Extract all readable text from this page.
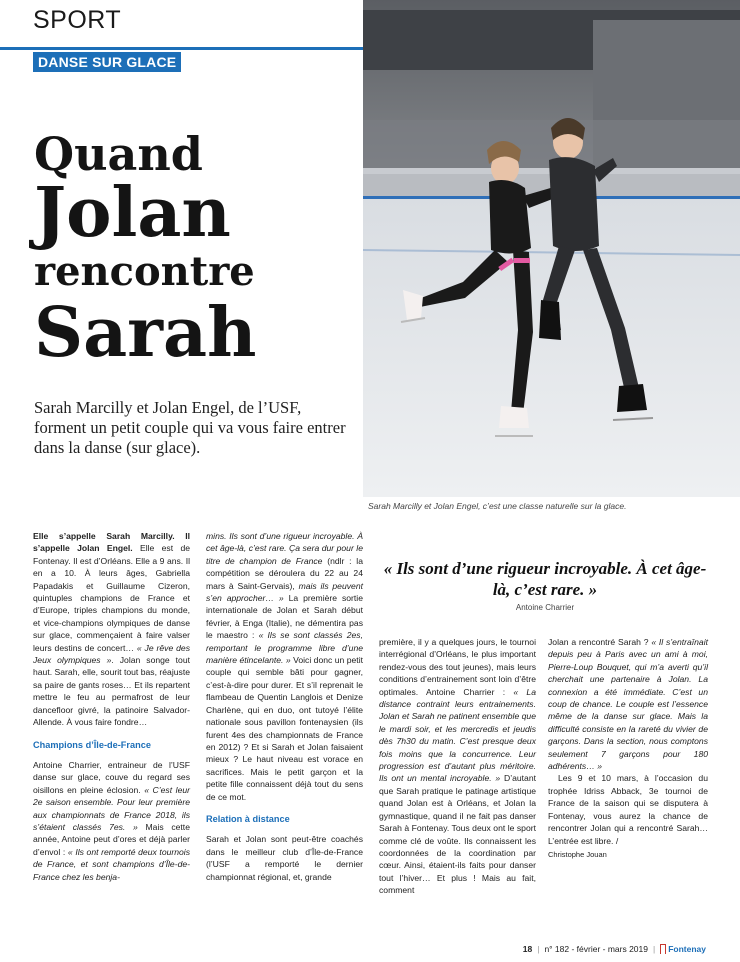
SPORT
DANSE SUR GLACE
Quand
Jolan
rencontre
Sarah

Sarah Marcilly et Jolan Engel, de l’USF, forment un petit couple qui va vous faire entrer dans la danse (sur glace).

Sarah Marcilly et Jolan Engel, c’est une classe naturelle sur la glace.

Elle s’appelle Sarah Marcilly. Il s’appelle Jolan Engel. Elle est de Fontenay. Il est d’Orléans. Elle a 9 ans. Il en a 10. À leurs âges, Gabriella Papadakis et Guillaume Cizeron, quintuples champions de France et d’Europe, triples champions du monde, et vice-champions olympiques de danse sur glace, commençaient à faire valser leurs destins de concert… « Je rêve des Jeux olympiques ». Jolan songe tout haut. Sarah, elle, sourit tout bas, réajuste sa paire de gants roses… Et ils repartent mettre le feu au permafrost de leur dancefloor givré, la patinoire Salvador-Allende. À vous faire fondre…

Champions d’Île-de-France

Antoine Charrier, entraineur de l’USF danse sur glace, couve du regard ses oisillons en pleine éclosion. « C’est leur 2e saison ensemble. Pour leur première aux championnats de France 2018, ils s’étaient classés 7es. » Mais cette année, Antoine peut d’ores et déjà parler d’envol : « Ils ont remporté deux tournois de France, et sont champions d’Île-de-France chez les benja-

mins. Ils sont d’une rigueur incroyable. À cet âge-là, c’est rare. Ça sera dur pour le titre de champion de France (ndlr : la compétition se déroulera du 22 au 24 mars à Saint-Gervais), mais ils peuvent s’en approcher… » La première sortie internationale de Jolan et Sarah début février, à Enga (Italie), ne démentira pas le maestro : « Ils se sont classés 2es, remportant le programme libre d’une manière étincelante. » Voici donc un petit couple qui semble bâti pour gagner, c’est-à-dire pour durer. Et s’il reprenait le flambeau de Quentin Langlois et Denize Charlène, qui en duo, ont tutoyé l’élite nationale sous pavillon fontenaysien (ils furent 4es des championnats de France en 2012) ? Et si Sarah et Jolan faisaient mieux ? Le haut niveau est vorace en sacrifices. Mais le petit garçon et la petite fille connaissent déjà tout du sens de ce mot.

Relation à distance

Sarah et Jolan sont peut-être coachés dans le meilleur club d’Île-de-France (l’USF a remporté le dernier championnat régional, et, grande

« Ils sont d’une rigueur incroyable. À cet âge-là, c’est rare. »
Antoine Charrier

première, il y a quelques jours, le tournoi interrégional d’Orléans, le plus important rendez-vous des tout jeunes), mais leurs conditions d’entrainement sont loin d’être optimales. Antoine Charrier : « La distance contraint leurs entrainements. Jolan et Sarah ne patinent ensemble que le mardi soir, et les mercredis et jeudis dès 7h30 du matin. C’est presque deux fois moins que la concurrence. Leur progression est d’autant plus méritoire. Ils ont un mental incroyable. » D’autant que Sarah pratique le patinage artistique quand Jolan est à Orléans, et Jolan la gymnastique, quand il ne fait pas danser Sarah à Fontenay. Tous deux ont le sport comme clé de voûte. Ils connaissent les coordonnées de la coordination par cœur. Ainsi, étaient-ils faits pour danser tout l’hiver… Et plus ! Mais au fait, comment

Jolan a rencontré Sarah ? « Il s’entraînait depuis peu à Paris avec un ami à moi, Pierre-Loup Bouquet, qui m’a averti qu’il cherchait une partenaire à Jolan. La connexion a été immédiate. C’est un coup de chance. Le couple est l’essence même de la danse sur glace. Mais la difficulté consiste en la rareté du vivier de garçons. Dans la section, nous comptons seulement 7 garçons pour 180 adhérents… »

Les 9 et 10 mars, à l’occasion du trophée Idriss Abback, 3e tournoi de France de la saison qui se disputera à Fontenay, vous aurez la chance de rencontrer Jolan qui a rencontré Sarah… L’entrée est libre. /

Christophe Jouan
18 | n° 182 - février - mars 2019 | Fontenay
